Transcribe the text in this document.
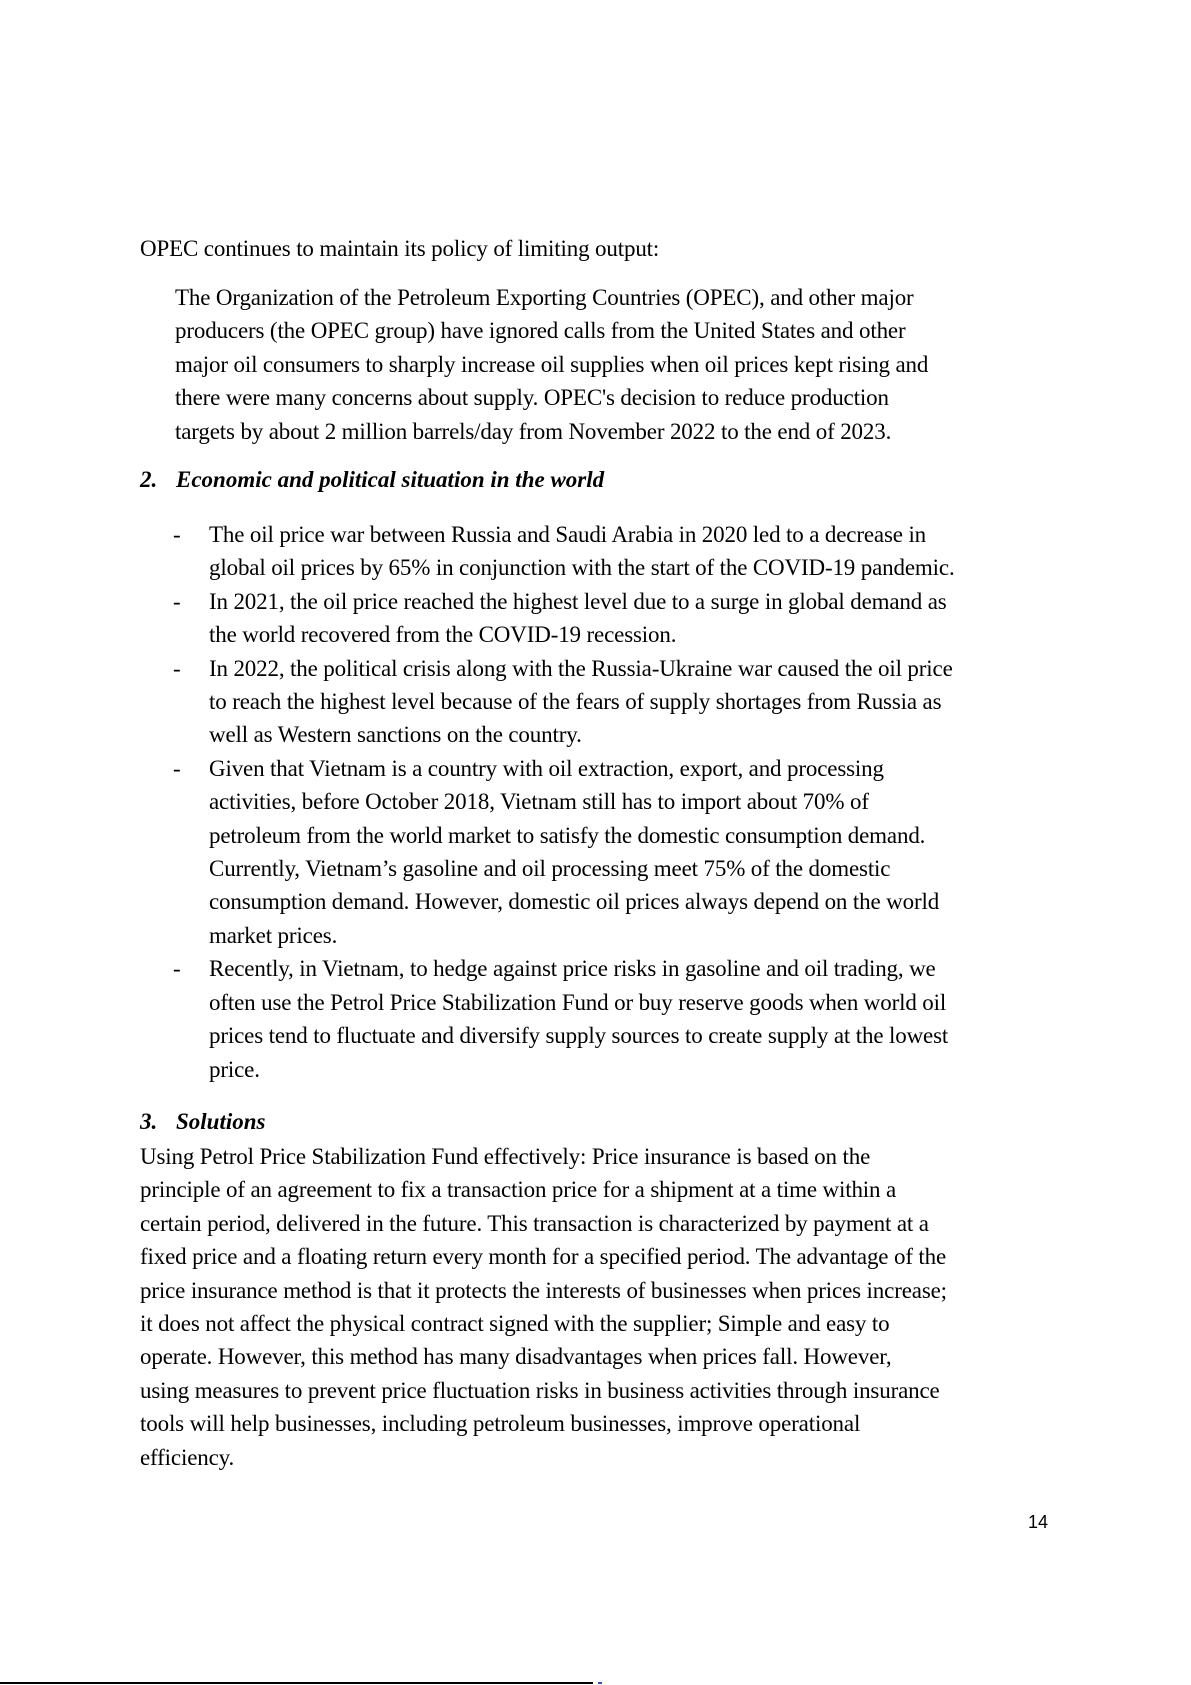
OPEC continues to maintain its policy of limiting output:

The Organization of the Petroleum Exporting Countries (OPEC), and other major
producers (the OPEC group) have ignored calls from the United States and other
major oil consumers to sharply increase oil supplies when oil prices kept rising and
there were many concerns about supply. OPEC's decision to reduce production
targets by about 2 million barrels/day from November 2022 to the end of 2023.
2. Economic and political situation in the world
- The oil price war between Russia and Saudi Arabia in 2020 led to a decrease in
global oil prices by 65% in conjunction with the start of the COVID-19 pandemic.
- In 2021, the oil price reached the highest level due to a surge in global demand as
the world recovered from the COVID-19 recession.
- In 2022, the political crisis along with the Russia-Ukraine war caused the oil price
to reach the highest level because of the fears of supply shortages from Russia as
well as Western sanctions on the country.
- Given that Vietnam is a country with oil extraction, export, and processing
activities, before October 2018, Vietnam still has to import about 70% of
petroleum from the world market to satisfy the domestic consumption demand.
Currently, Vietnam’s gasoline and oil processing meet 75% of the domestic
consumption demand. However, domestic oil prices always depend on the world
market prices.
- Recently, in Vietnam, to hedge against price risks in gasoline and oil trading, we
often use the Petrol Price Stabilization Fund or buy reserve goods when world oil
prices tend to fluctuate and diversify supply sources to create supply at the lowest
price.
3. Solutions
Using Petrol Price Stabilization Fund effectively: Price insurance is based on the
principle of an agreement to fix a transaction price for a shipment at a time within a
certain period, delivered in the future. This transaction is characterized by payment at a
fixed price and a floating return every month for a specified period. The advantage of the
price insurance method is that it protects the interests of businesses when prices increase;
it does not affect the physical contract signed with the supplier; Simple and easy to
operate. However, this method has many disadvantages when prices fall. However,
using measures to prevent price fluctuation risks in business activities through insurance
tools will help businesses, including petroleum businesses, improve operational
efficiency.
14
